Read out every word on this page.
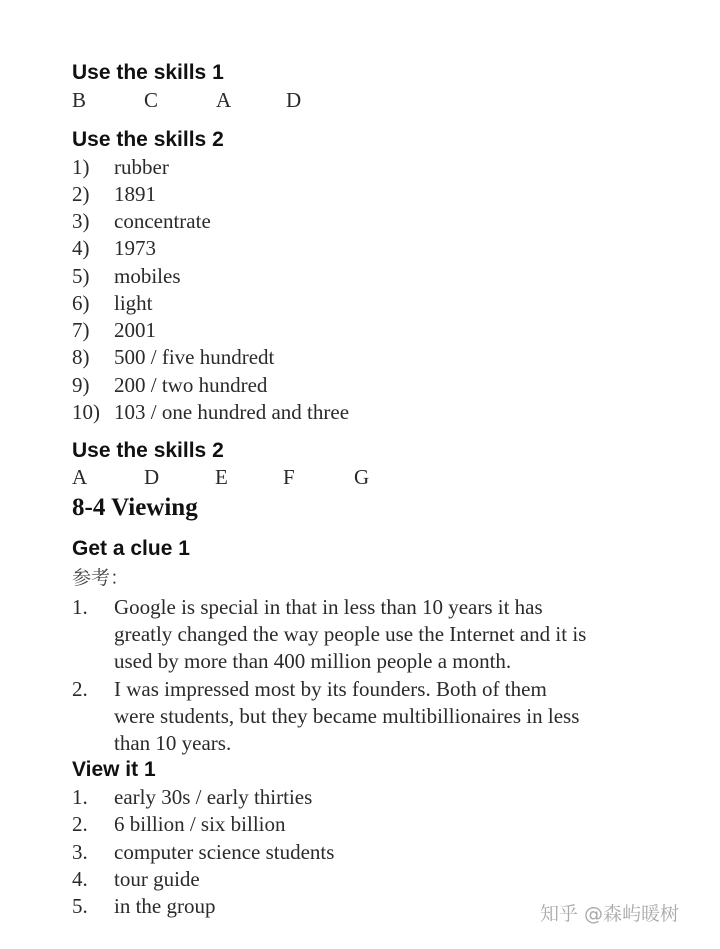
Use the skills 1
B	C	A	D
Use the skills 2
1) rubber
2) 1891
3) concentrate
4) 1973
5) mobiles
6) light
7) 2001
8) 500 / five hundredt
9) 200 / two hundred
10) 103 / one hundred and three
Use the skills 2
A	D	E	F	G
8-4 Viewing
Get a clue 1
参考：
1. Google is special in that in less than 10 years it has
greatly changed the way people use the Internet and it is
used by more than 400 million people a month.
2. I was impressed most by its founders. Both of them
were students, but they became multibillionaires in less
than 10 years.
View it 1
1. early 30s / early thirties
2. 6 billion / six billion
3. computer science students
4. tour guide
5. in the group	知乎 @森屿暖树
